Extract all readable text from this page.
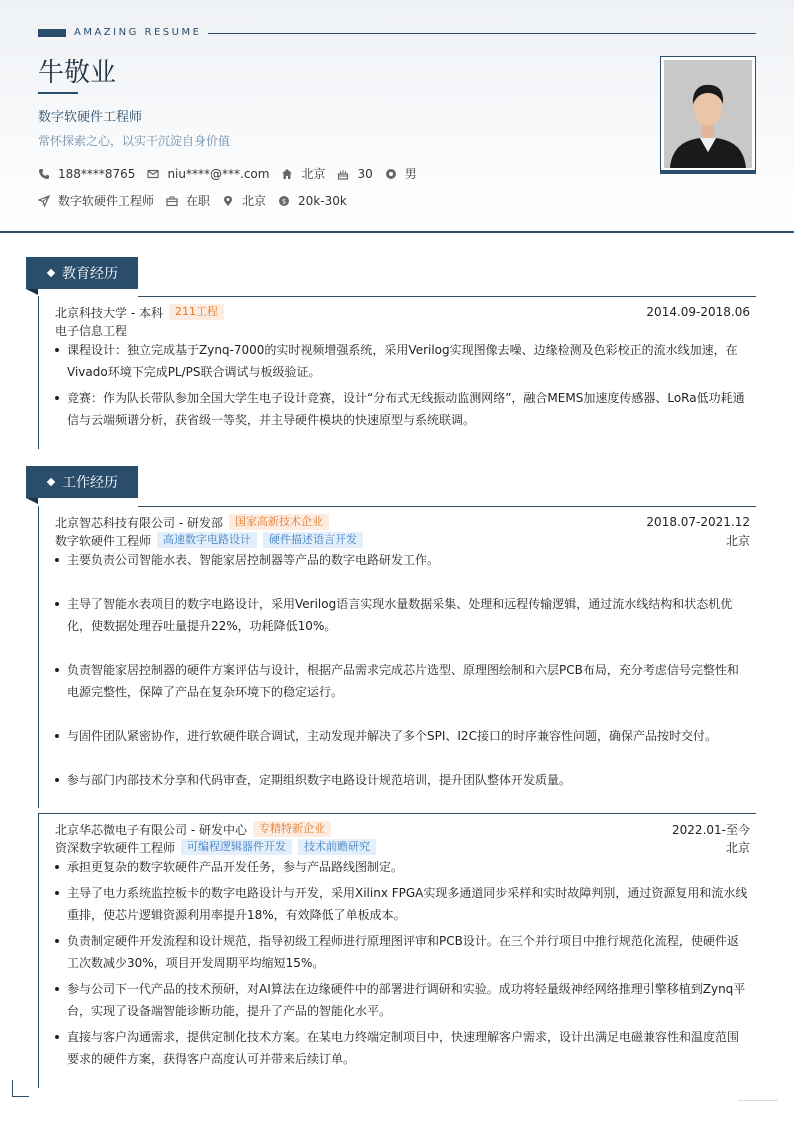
AMAZING RESUME
牛敬业
数字软硬件工程师
常怀探索之心，以实干沉淀自身价值
188****8765	niu****@***.com	北京	30	男
数字软硬件工程师	在职	北京 $ 20k-30k
教育经历
北京科技大学 - 本科	211工程	2014.09-2018.06
电子信息工程
课程设计：独立完成基于Zynq-7000的实时视频增强系统，采用Verilog实现图像去噪、边缘检测及色彩校正的流水线加速，在Vivado环境下完成PL/PS联合调试与板级验证。
竞赛：作为队长带队参加全国大学生电子设计竞赛，设计“分布式无线振动监测网络”，融合MEMS加速度传感器、LoRa低功耗通信与云端频谱分析，获省级一等奖，并主导硬件模块的快速原型与系统联调。
工作经历
北京智芯科技有限公司 - 研发部	国家高新技术企业	2018.07-2021.12
数字软硬件工程师	高速数字电路设计	硬件描述语言开发	北京
主要负责公司智能水表、智能家居控制器等产品的数字电路研发工作。
主导了智能水表项目的数字电路设计，采用Verilog语言实现水量数据采集、处理和远程传输逻辑，通过流水线结构和状态机优化，使数据处理吞吐量提升22%，功耗降低10%。
负责智能家居控制器的硬件方案评估与设计，根据产品需求完成芯片选型、原理图绘制和六层PCB布局，充分考虑信号完整性和电源完整性，保障了产品在复杂环境下的稳定运行。
与固件团队紧密协作，进行软硬件联合调试，主动发现并解决了多个SPI、I2C接口的时序兼容性问题，确保产品按时交付。
参与部门内部技术分享和代码审查，定期组织数字电路设计规范培训，提升团队整体开发质量。
北京华芯微电子有限公司 - 研发中心	专精特新企业	2022.01-至今
资深数字软硬件工程师	可编程逻辑器件开发	技术前瞻研究	北京
承担更复杂的数字软硬件产品开发任务，参与产品路线图制定。
主导了电力系统监控板卡的数字电路设计与开发，采用Xilinx FPGA实现多通道同步采样和实时故障判别，通过资源复用和流水线重排，使芯片逻辑资源利用率提升18%，有效降低了单板成本。
负责制定硬件开发流程和设计规范，指导初级工程师进行原理图评审和PCB设计。在三个并行项目中推行规范化流程，使硬件返工次数减少30%，项目开发周期平均缩短15%。
参与公司下一代产品的技术预研，对AI算法在边缘硬件中的部署进行调研和实验。成功将轻量级神经网络推理引擎移植到Zynq平台，实现了设备端智能诊断功能，提升了产品的智能化水平。
直接与客户沟通需求，提供定制化技术方案。在某电力终端定制项目中，快速理解客户需求，设计出满足电磁兼容性和温度范围要求的硬件方案，获得客户高度认可并带来后续订单。
